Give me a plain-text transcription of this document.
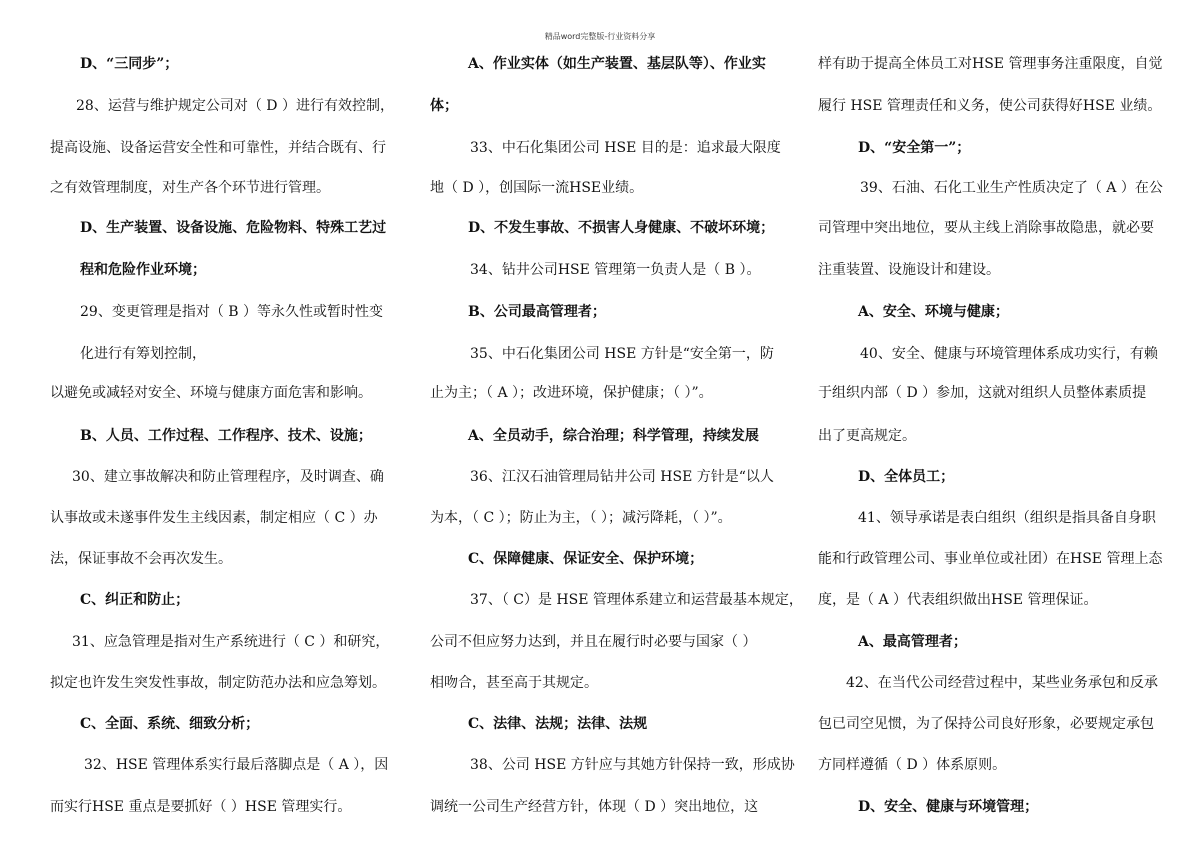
精品word完整版-行业资料分享
D、“三同步”；
28、运营与维护规定公司对（ D ）进行有效控制，
提高设施、设备运营安全性和可靠性，并结合既有、行
之有效管理制度，对生产各个环节进行管理。
D、生产装置、设备设施、危险物料、特殊工艺过
程和危险作业环境；
29、变更管理是指对（ B ）等永久性或暂时性变
化进行有筹划控制，
以避免或减轻对安全、环境与健康方面危害和影响。
B、人员、工作过程、工作程序、技术、设施；
30、建立事故解决和防止管理程序，及时调查、确
认事故或未遂事件发生主线因素，制定相应（ C ）办
法，保证事故不会再次发生。
C、纠正和防止；
31、应急管理是指对生产系统进行（ C ）和研究，
拟定也许发生突发性事故，制定防范办法和应急筹划。
C、全面、系统、细致分析；
32、HSE 管理体系实行最后落脚点是（ A ），因
而实行HSE 重点是要抓好（ ）HSE 管理实行。
A、作业实体（如生产装置、基层队等）、作业实
体；
33、中石化集团公司 HSE 目的是：追求最大限度
地（ D ），创国际一流HSE业绩。
D、不发生事故、不损害人身健康、不破坏环境；
34、钻井公司HSE 管理第一负责人是（ B ）。
B、公司最高管理者；
35、中石化集团公司 HSE 方针是“安全第一，防
止为主；（ A ）；改进环境，保护健康；（ ）”。
A、全员动手，综合治理；科学管理，持续发展
36、江汉石油管理局钻井公司 HSE 方针是“以人
为本，（ C ）；防止为主，（ ）；减污降耗，（ ）”。
C、保障健康、保证安全、保护环境；
37、（ C）是 HSE 管理体系建立和运营最基本规定，
公司不但应努力达到，并且在履行时必要与国家（ ）
相吻合，甚至高于其规定。
C、法律、法规；法律、法规
38、公司 HSE 方针应与其她方针保持一致，形成协
调统一公司生产经营方针，体现（ D ）突出地位，这
样有助于提高全体员工对HSE 管理事务注重限度，自觉
履行 HSE 管理责任和义务，使公司获得好HSE 业绩。
D、“安全第一”；
39、石油、石化工业生产性质决定了（ A ）在公
司管理中突出地位，要从主线上消除事故隐患，就必要
注重装置、设施设计和建设。
A、安全、环境与健康；
40、安全、健康与环境管理体系成功实行，有赖
于组织内部（ D ）参加，这就对组织人员整体素质提
出了更高规定。
D、全体员工；
41、领导承诺是表白组织（组织是指具备自身职
能和行政管理公司、事业单位或社团）在HSE 管理上态
度，是（ A ）代表组织做出HSE 管理保证。
A、最高管理者；
42、在当代公司经营过程中，某些业务承包和反承
包已司空见惯，为了保持公司良好形象，必要规定承包
方同样遵循（ D ）体系原则。
D、安全、健康与环境管理；
